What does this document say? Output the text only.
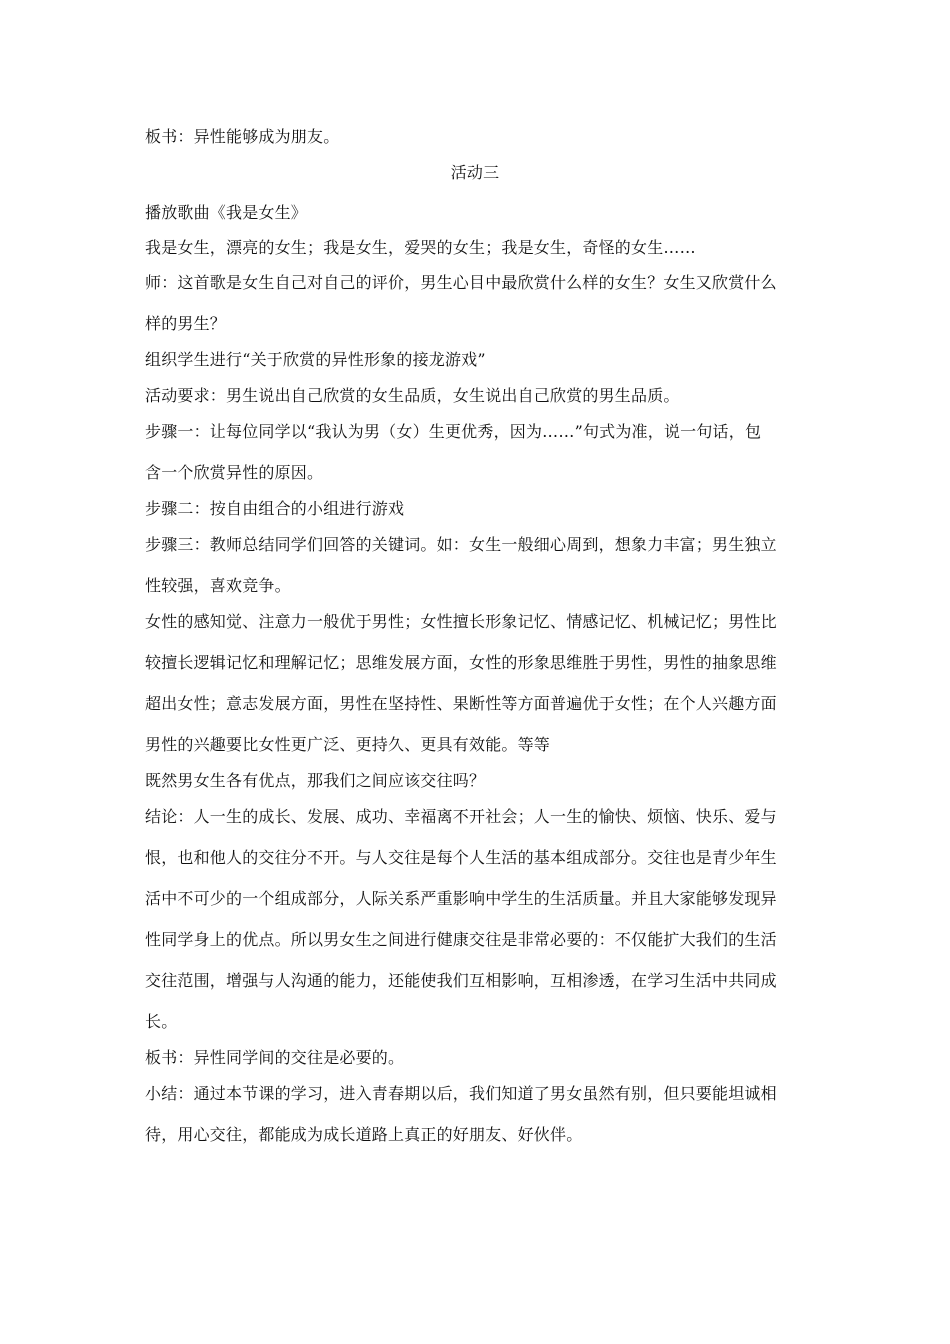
板书：异性能够成为朋友。
活动三
播放歌曲《我是女生》
我是女生，漂亮的女生；我是女生，爱哭的女生；我是女生，奇怪的女生……
师：这首歌是女生自己对自己的评价，男生心目中最欣赏什么样的女生？女生又欣赏什么
样的男生？
组织学生进行“关于欣赏的异性形象的接龙游戏”
活动要求：男生说出自己欣赏的女生品质，女生说出自己欣赏的男生品质。
步骤一：让每位同学以“我认为男（女）生更优秀，因为……”句式为准，说一句话，包
含一个欣赏异性的原因。
步骤二：按自由组合的小组进行游戏
步骤三：教师总结同学们回答的关键词。如：女生一般细心周到，想象力丰富；男生独立
性较强，喜欢竞争。
女性的感知觉、注意力一般优于男性；女性擅长形象记忆、情感记忆、机械记忆；男性比
较擅长逻辑记忆和理解记忆；思维发展方面，女性的形象思维胜于男性，男性的抽象思维
超出女性；意志发展方面，男性在坚持性、果断性等方面普遍优于女性；在个人兴趣方面
男性的兴趣要比女性更广泛、更持久、更具有效能。等等
既然男女生各有优点，那我们之间应该交往吗？
结论：人一生的成长、发展、成功、幸福离不开社会；人一生的愉快、烦恼、快乐、爱与
恨，也和他人的交往分不开。与人交往是每个人生活的基本组成部分。交往也是青少年生
活中不可少的一个组成部分，人际关系严重影响中学生的生活质量。并且大家能够发现异
性同学身上的优点。所以男女生之间进行健康交往是非常必要的：不仅能扩大我们的生活
交往范围，增强与人沟通的能力，还能使我们互相影响，互相渗透，在学习生活中共同成
长。
板书：异性同学间的交往是必要的。
小结：通过本节课的学习，进入青春期以后，我们知道了男女虽然有别，但只要能坦诚相
待，用心交往，都能成为成长道路上真正的好朋友、好伙伴。
